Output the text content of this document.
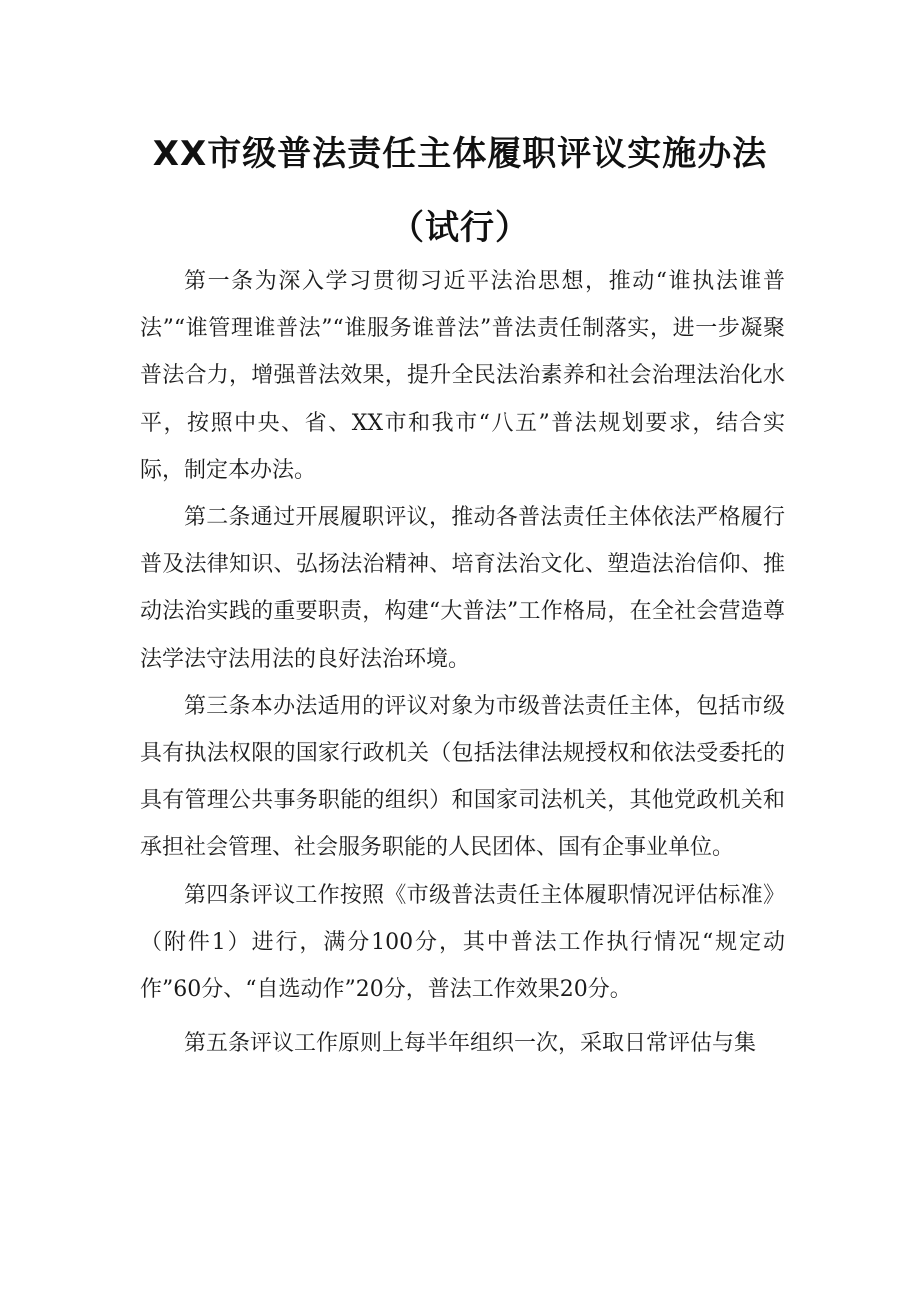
XX市级普法责任主体履职评议实施办法
（试行）

第一条为深入学习贯彻习近平法治思想，推动“谁执法谁普法”“谁管理谁普法”“谁服务谁普法”普法责任制落实，进一步凝聚普法合力，增强普法效果，提升全民法治素养和社会治理法治化水平，按照中央、省、XX市和我市“八五”普法规划要求，结合实际，制定本办法。

第二条通过开展履职评议，推动各普法责任主体依法严格履行普及法律知识、弘扬法治精神、培育法治文化、塑造法治信仰、推动法治实践的重要职责，构建“大普法”工作格局，在全社会营造尊法学法守法用法的良好法治环境。

第三条本办法适用的评议对象为市级普法责任主体，包括市级具有执法权限的国家行政机关（包括法律法规授权和依法受委托的具有管理公共事务职能的组织）和国家司法机关，其他党政机关和承担社会管理、社会服务职能的人民团体、国有企事业单位。

第四条评议工作按照《市级普法责任主体履职情况评估标准》（附件1）进行，满分100分，其中普法工作执行情况“规定动作”60分、“自选动作”20分，普法工作效果20分。

第五条评议工作原则上每半年组织一次，采取日常评估与集
